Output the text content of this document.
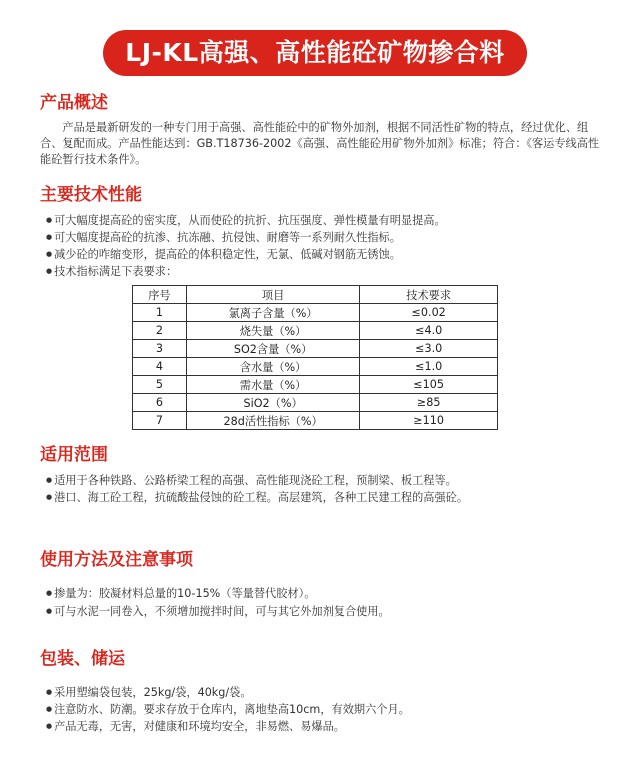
LJ-KL高强、高性能砼矿物掺合料
产品概述
产品是最新研发的一种专门用于高强、高性能砼中的矿物外加剂，根据不同活性矿物的特点，经过优化、组合、复配而成。产品性能达到：GB.T18736-2002《高强、高性能砼用矿物外加剂》标准；符合：《客运专线高性能砼暂行技术条件》。
主要技术性能
● 可大幅度提高砼的密实度，从而使砼的抗折、抗压强度、弹性模量有明显提高。
● 可大幅度提高砼的抗渗、抗冻融、抗侵蚀、耐磨等一系列耐久性指标。
● 减少砼的咋缩变形，提高砼的体积稳定性，无氯、低碱对钢筋无锈蚀。
● 技术指标满足下表要求：
序号	项目	技术要求
1	氯离子含量（%）	≤0.02
2	烧失量（%）	≤4.0
3	SO2含量（%）	≤3.0
4	含水量（%）	≤1.0
5	需水量（%）	≤105
6	SiO2（%）	≥85
7	28d活性指标（%）	≥110
适用范围
● 适用于各种铁路、公路桥梁工程的高强、高性能现浇砼工程，预制梁、板工程等。
● 港口、海工砼工程，抗硫酸盐侵蚀的砼工程。高层建筑，各种工民建工程的高强砼。
使用方法及注意事项
● 掺量为：胶凝材料总量的10-15%（等量替代胶材）。
● 可与水泥一同卷入，不须增加搅拌时间，可与其它外加剂复合使用。
包装、储运
● 采用塑编袋包装，25kg/袋，40kg/袋。
● 注意防水、防潮。要求存放于仓库内，离地垫高10cm，有效期六个月。
● 产品无毒，无害，对健康和环境均安全，非易燃、易爆品。
